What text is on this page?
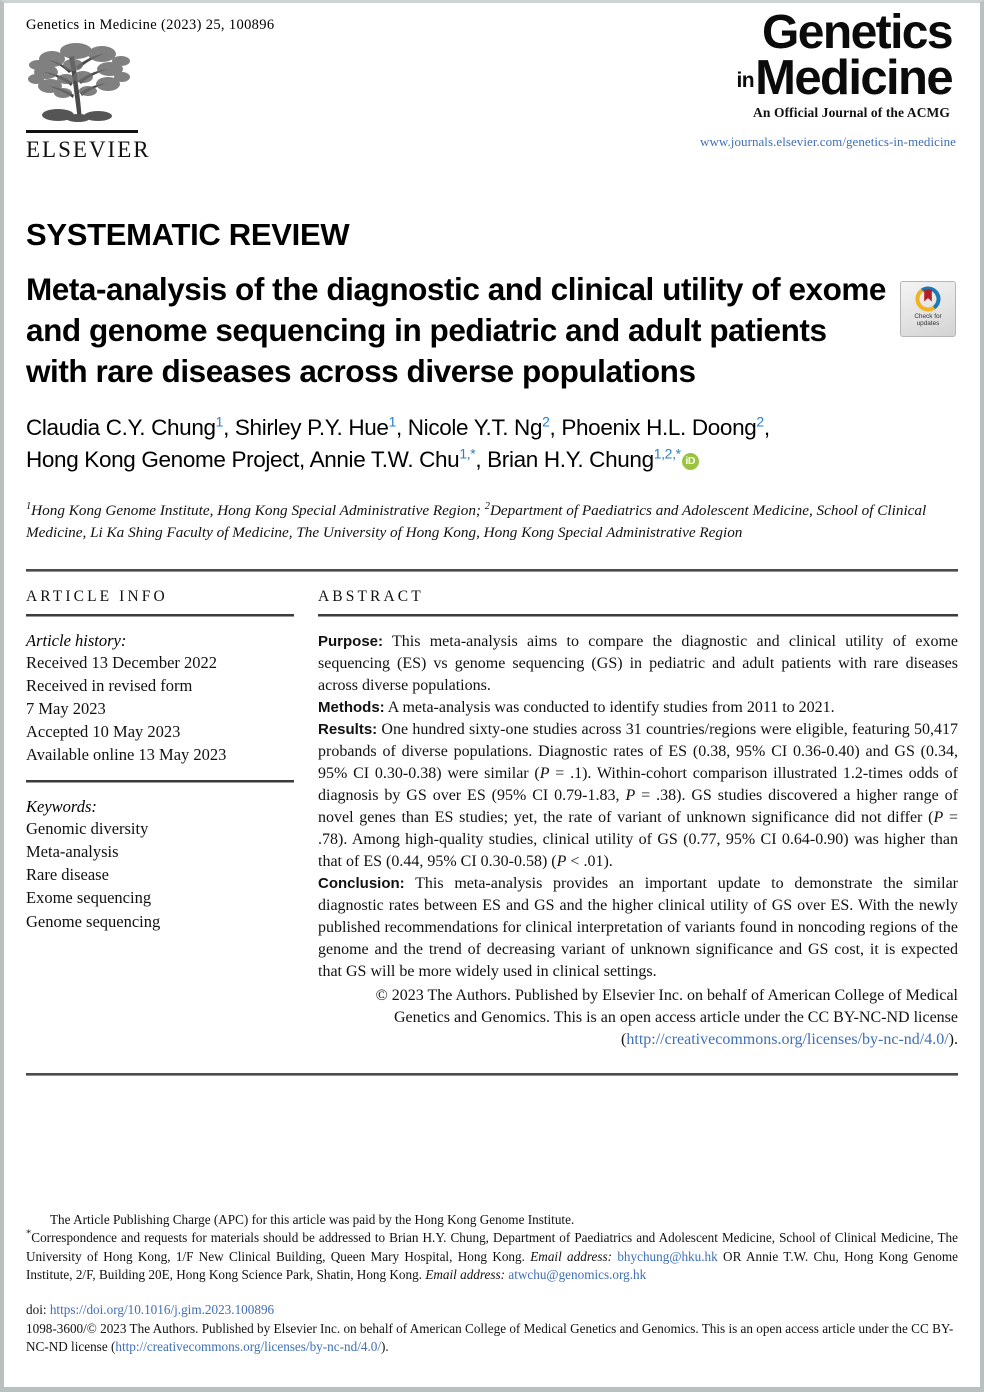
Genetics in Medicine (2023) 25, 100896
ELSEVIER
Genetics
in Medicine
An Official Journal of the ACMG
www.journals.elsevier.com/genetics-in-medicine
SYSTEMATIC REVIEW
Meta-analysis of the diagnostic and clinical utility of exome and genome sequencing in pediatric and adult patients with rare diseases across diverse populations
Check for
updates
Claudia C.Y. Chung$^1$, Shirley P.Y. Hue$^1$, Nicole Y.T. Ng$^2$, Phoenix H.L. Doong$^2$,
Hong Kong Genome Project, Annie T.W. Chu$^{1,*}$, Brian H.Y. Chung$^{1,2,*}$ iD
$^1$Hong Kong Genome Institute, Hong Kong Special Administrative Region; $^2$Department of Paediatrics and Adolescent Medicine, School of Clinical Medicine, Li Ka Shing Faculty of Medicine, The University of Hong Kong, Hong Kong Special Administrative Region
ARTICLE INFO
Article history:
Received 13 December 2022
Received in revised form
7 May 2023
Accepted 10 May 2023
Available online 13 May 2023
Keywords:
Genomic diversity
Meta-analysis
Rare disease
Exome sequencing
Genome sequencing
ABSTRACT

Purpose: This meta-analysis aims to compare the diagnostic and clinical utility of exome sequencing (ES) vs genome sequencing (GS) in pediatric and adult patients with rare diseases across diverse populations.

Methods: A meta-analysis was conducted to identify studies from 2011 to 2021.

Results: One hundred sixty-one studies across 31 countries/regions were eligible, featuring 50,417 probands of diverse populations. Diagnostic rates of ES (0.38, 95% CI 0.36-0.40) and GS (0.34, 95% CI 0.30-0.38) were similar (P = .1). Within-cohort comparison illustrated 1.2-times odds of diagnosis by GS over ES (95% CI 0.79-1.83, P = .38). GS studies discovered a higher range of novel genes than ES studies; yet, the rate of variant of unknown significance did not differ (P = .78). Among high-quality studies, clinical utility of GS (0.77, 95% CI 0.64-0.90) was higher than that of ES (0.44, 95% CI 0.30-0.58) (P < .01).

Conclusion: This meta-analysis provides an important update to demonstrate the similar diagnostic rates between ES and GS and the higher clinical utility of GS over ES. With the newly published recommendations for clinical interpretation of variants found in noncoding regions of the genome and the trend of decreasing variant of unknown significance and GS cost, it is expected that GS will be more widely used in clinical settings.

© 2023 The Authors. Published by Elsevier Inc. on behalf of American College of Medical Genetics and Genomics. This is an open access article under the CC BY-NC-ND license (http://creativecommons.org/licenses/by-nc-nd/4.0/).
The Article Publishing Charge (APC) for this article was paid by the Hong Kong Genome Institute.
*Correspondence and requests for materials should be addressed to Brian H.Y. Chung, Department of Paediatrics and Adolescent Medicine, School of Clinical Medicine, The University of Hong Kong, 1/F New Clinical Building, Queen Mary Hospital, Hong Kong. Email address: bhychung@hku.hk OR Annie T.W. Chu, Hong Kong Genome Institute, 2/F, Building 20E, Hong Kong Science Park, Shatin, Hong Kong. Email address: atwchu@genomics.org.hk
doi: https://doi.org/10.1016/j.gim.2023.100896
1098-3600/© 2023 The Authors. Published by Elsevier Inc. on behalf of American College of Medical Genetics and Genomics. This is an open access article under the CC BY-NC-ND license (http://creativecommons.org/licenses/by-nc-nd/4.0/).
